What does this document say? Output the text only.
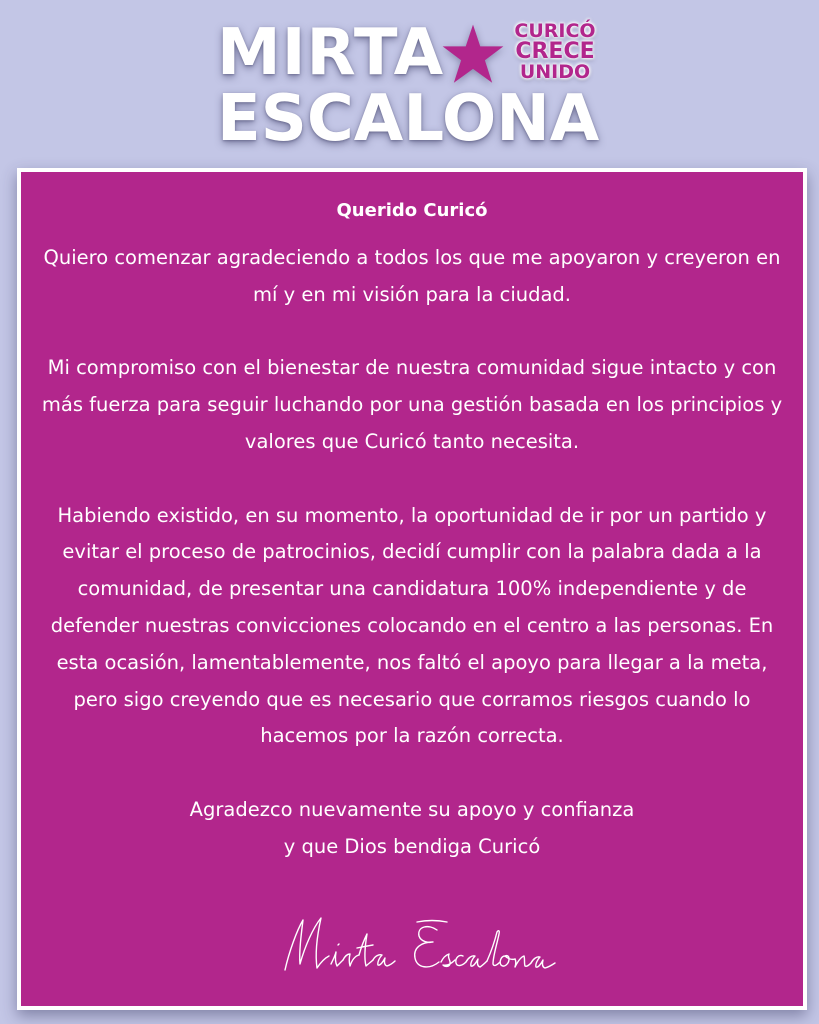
MIRTA	CURICÓ
CRECE
UNIDO
ESCALONA
Querido Curicó

Quiero comenzar agradeciendo a todos los que me apoyaron y creyeron en mí y en mi visión para la ciudad.

Mi compromiso con el bienestar de nuestra comunidad sigue intacto y con más fuerza para seguir luchando por una gestión basada en los principios y valores que Curicó tanto necesita.

Habiendo existido, en su momento, la oportunidad de ir por un partido y evitar el proceso de patrocinios, decidí cumplir con la palabra dada a la comunidad, de presentar una candidatura 100% independiente y de defender nuestras convicciones colocando en el centro a las personas. En esta ocasión, lamentablemente, nos faltó el apoyo para llegar a la meta, pero sigo creyendo que es necesario que corramos riesgos cuando lo hacemos por la razón correcta.

Agradezco nuevamente su apoyo y confianza
y que Dios bendiga Curicó
